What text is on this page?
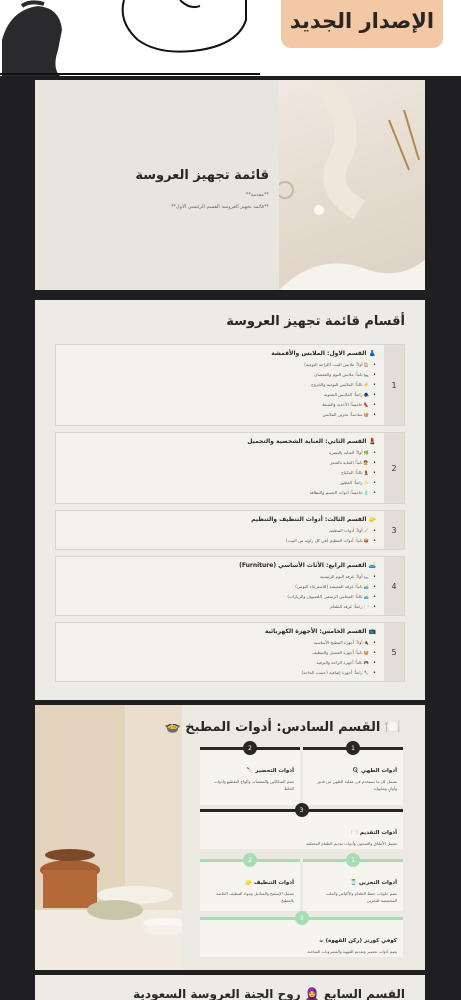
الإصدار الجديد
قائمة تجهيز العروسة
**مقدمة**
**قائمة تجهيز العروسة القسم الرئيسي الاول**
أقسام قائمة تجهيز العروسة
1
👗 القسم الاول: الملابس والأقمشة
• 🏠 أولاً: ملابس البيت (الراحة اليومية)
• 🛌 ثانياً: ملابس النوم والقمصان
• ☀️ ثالثاً: الملابس اليومية والخروج
• 🧥 رابعاً: الملابس الشتوية
• 👠 خامساً: الأحذية والشنط
• 🧺 سادساً: تخزين الملابس
2
💄 القسم الثاني: العناية الشخصية والتجميل
• 🌿 أولاً: العناية بالبشرة
• 💇 ثانياً: العناية بالشعر
• 💄 ثالثاً: المكياج
• ✨ رابعاً: العطور
• 🧴 خامساً: أدوات الجسم والنظافة
3
🧽 القسم الثالث: أدوات التنظيف والتنظيم
• 🧹 أولاً: أدوات التنظيف
• 📦 ثانياً: أدوات التنظيم (في كل زاوية من البيت)
4
🛋️ القسم الرابع: الأثاث الأساسي (Furniture)
• 🛏️ أولاً: غرفة النوم الرئيسية
• 🛋️ ثانياً: غرفة المعيشة (للاسترخاء اليومي)
• 🛋️ ثالثاً: المجلس الرسمي (للضيوف والزيارات)
• 🍽️ رابعاً: غرفة الطعام
5
📺 القسم الخامس: الأجهزة الكهربائية
• 🔌 أولاً: أجهزة المطبخ الأساسية
• 🧺 ثانياً: أجهزة الغسيل والتنظيف
• 🎮 ثالثاً: أجهزة الراحة والترفيه
• 🔧 رابعاً: أجهزة إضافية (حسب الحاجة)
🍽️ القسم السادس: أدوات المطبخ 🍲
1
أدوات الطهي 🍳
تشمل كل ما يستخدم في عملية الطهي من قدور وأوانٍ ومحوايد
2
أدوات التحضير 🔪
تضم السكاكين والمقصات وألواح التقطيع وأدوات الخلط
3
أدوات التقديم 🍽️
تشمل الأطباق والصحون وأدوات تقديم الطعام المختلفة
1
أدوات التخزين 🫙
تضم حاويات حفظ الطعام والأكياس والعلب المخصصة للتخزين
2
أدوات التنظيف 🧽
تشمل الإسفنج والمناديل ومواد التنظيف الخاصة بالمطبخ
3
كوفي كورنر (ركن القهوة) ☕
يضم أدوات تحضير وتقديم القهوة والمشروبات الساخنة
القسم السابع 🧕 روح الجنة العروسة السعودية
